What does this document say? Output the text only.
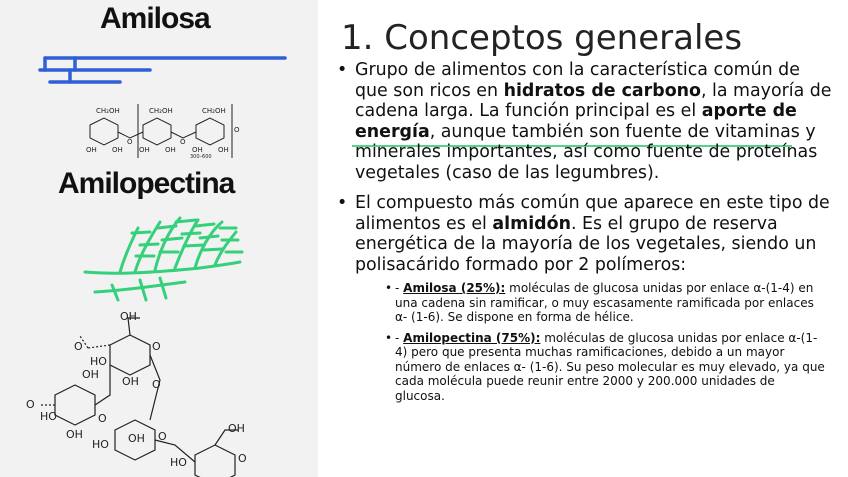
Amilosa
Amilopectina
CH₂OH	CH₂OH	CH₂OH
OH OH OH OH OH OH
O	O
O
300–600
OH
O
O
HO
OH O
OH
O
HO
OH
O
HO OH O
HO
OH
O
1. Conceptos generales
• Grupo de alimentos con la característica común de que son ricos en hidratos de carbono, la mayoría de cadena larga. La función principal es el aporte de energía, aunque también son fuente de vitaminas y minerales importantes, así como fuente de proteínas vegetales (caso de las legumbres).
• El compuesto más común que aparece en este tipo de alimentos es el almidón. Es el grupo de reserva energética de la mayoría de los vegetales, siendo un polisacárido formado por 2 polímeros:
• - Amilosa (25%): moléculas de glucosa unidas por enlace α-(1-4) en una cadena sin ramificar, o muy escasamente ramificada por enlaces α- (1-6). Se dispone en forma de hélice.
• - Amilopectina (75%): moléculas de glucosa unidas por enlace α-(1-4) pero que presenta muchas ramificaciones, debido a un mayor número de enlaces α- (1-6). Su peso molecular es muy elevado, ya que cada molécula puede reunir entre 2000 y 200.000 unidades de glucosa.
